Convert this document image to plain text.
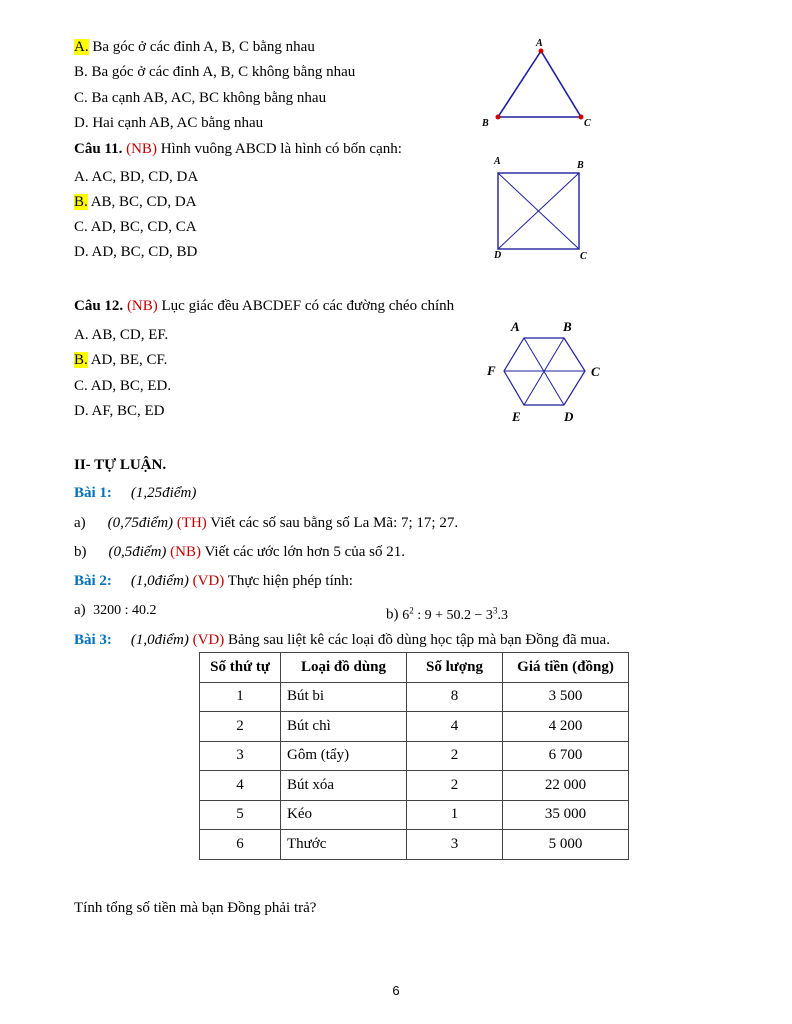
A. Ba góc ở các đỉnh A, B, C bằng nhau
B. Ba góc ở các đỉnh A, B, C không bằng nhau
C. Ba cạnh AB, AC, BC không bằng nhau
D. Hai cạnh AB, AC bằng nhau
A
B	C
Câu 11. (NB) Hình vuông ABCD là hình có bốn cạnh:
A. AC, BD, CD, DA
B. AB, BC, CD, DA
C. AD, BC, CD, CA
D. AD, BC, CD, BD
A	B
C
D
Câu 12. (NB) Lục giác đều ABCDEF có các đường chéo chính
A. AB, CD, EF.
B. AD, BE, CF.
C. AD, BC, ED.
D. AF, BC, ED
A	B
C
D
E
F
II- TỰ LUẬN.
Bài 1: (1,25điểm)
a) (0,75điểm) (TH) Viết các số sau bằng số La Mã: 7; 17; 27.
b) (0,5điểm) (NB) Viết các ước lớn hơn 5 của số 21.
Bài 2: (1,0điểm) (VD) Thực hiện phép tính:
a) 3200 : 40.2	b) $6^2$ : $9 + 50.2 - 3^3.3$
Bài 3: (1,0điểm) (VD) Bảng sau liệt kê các loại đồ dùng học tập mà bạn Đồng đã mua.
Số thứ tự	Loại đồ dùng	Số lượng	Giá tiền (đồng)
1	Bút bi	8	3 500
2	Bút chì	4	4 200
3	Gôm (tẩy)	2	6 700
4	Bút xóa	2	22 000
5	Kéo	1	35 000
6	Thước	3	5 000
Tính tổng số tiền mà bạn Đồng phải trả?
6
